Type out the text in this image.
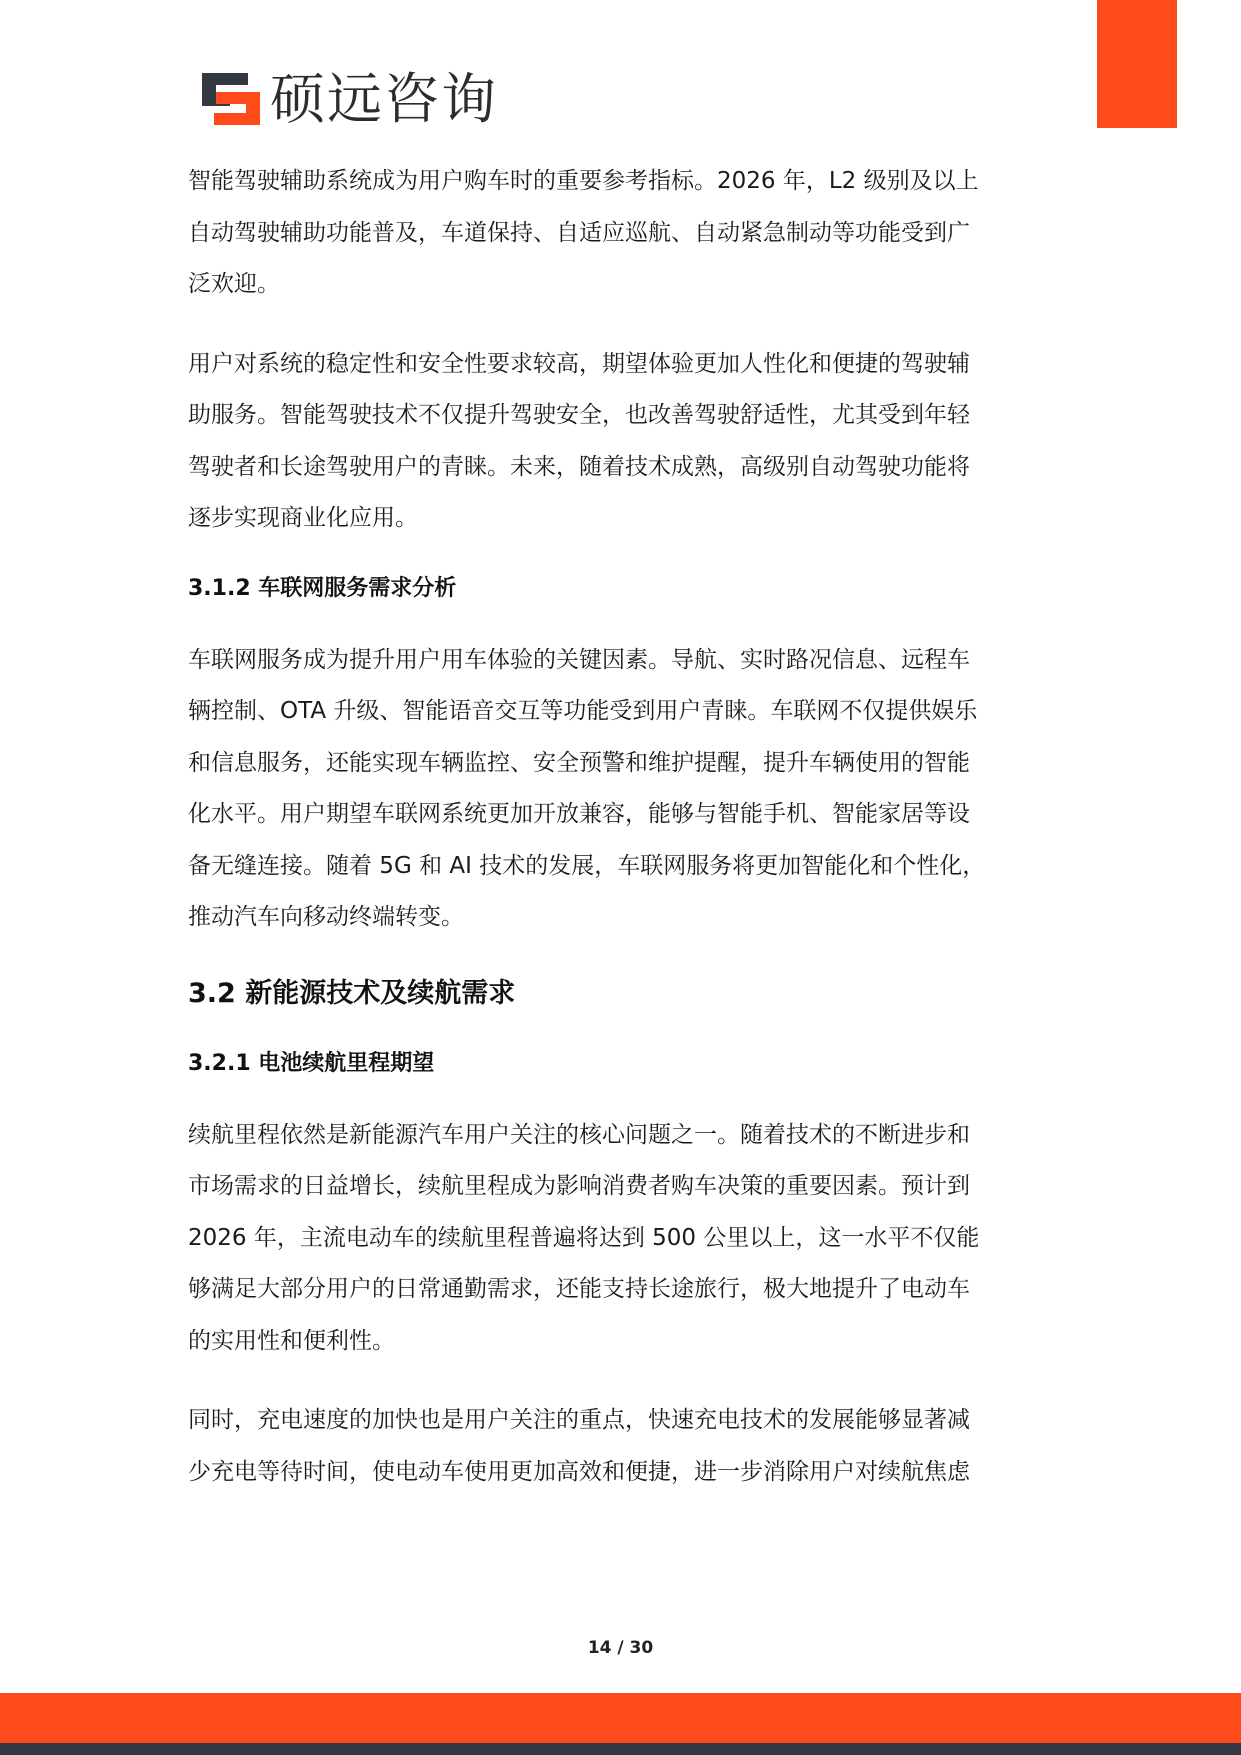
硕远咨询

智能驾驶辅助系统成为用户购车时的重要参考指标。2026 年，L2 级别及以上
自动驾驶辅助功能普及，车道保持、自适应巡航、自动紧急制动等功能受到广
泛欢迎。

用户对系统的稳定性和安全性要求较高，期望体验更加人性化和便捷的驾驶辅
助服务。智能驾驶技术不仅提升驾驶安全，也改善驾驶舒适性，尤其受到年轻
驾驶者和长途驾驶用户的青睐。未来，随着技术成熟，高级别自动驾驶功能将
逐步实现商业化应用。

3.1.2 车联网服务需求分析

车联网服务成为提升用户用车体验的关键因素。导航、实时路况信息、远程车
辆控制、OTA 升级、智能语音交互等功能受到用户青睐。车联网不仅提供娱乐
和信息服务，还能实现车辆监控、安全预警和维护提醒，提升车辆使用的智能
化水平。用户期望车联网系统更加开放兼容，能够与智能手机、智能家居等设
备无缝连接。随着 5G 和 AI 技术的发展，车联网服务将更加智能化和个性化，
推动汽车向移动终端转变。

3.2 新能源技术及续航需求
3.2.1 电池续航里程期望

续航里程依然是新能源汽车用户关注的核心问题之一。随着技术的不断进步和
市场需求的日益增长，续航里程成为影响消费者购车决策的重要因素。预计到
2026 年，主流电动车的续航里程普遍将达到 500 公里以上，这一水平不仅能
够满足大部分用户的日常通勤需求，还能支持长途旅行，极大地提升了电动车
的实用性和便利性。

同时，充电速度的加快也是用户关注的重点，快速充电技术的发展能够显著减
少充电等待时间，使电动车使用更加高效和便捷，进一步消除用户对续航焦虑

14 / 30
